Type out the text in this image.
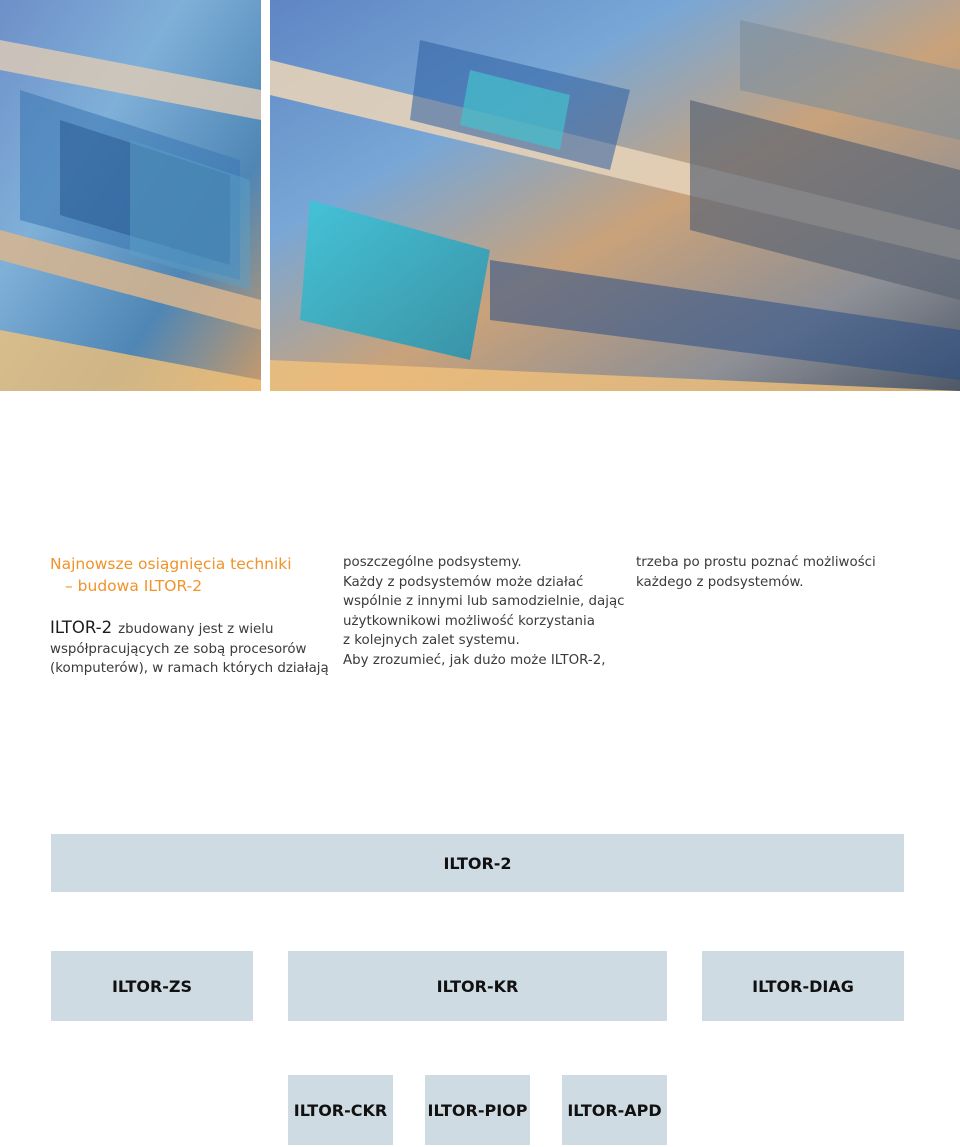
Najnowsze osiągnięcia techniki

– budowa ILTOR-2
ILTOR-2 zbudowany jest z wielu współpracujących ze sobą procesorów (komputerów), w ramach których działają

poszczególne podsystemy.

Każdy z podsystemów może działać

wspólnie z innymi lub samodzielnie, dając

użytkownikowi możliwość korzystania

z kolejnych zalet systemu.

Aby zrozumieć, jak dużo może ILTOR-2,

trzeba po prostu poznać możliwości

każdego z podsystemów.

ILTOR-2
ILTOR-ZS	ILTOR-KR	ILTOR-DIAG
ILTOR-CKR	ILTOR-PIOP	ILTOR-APD
